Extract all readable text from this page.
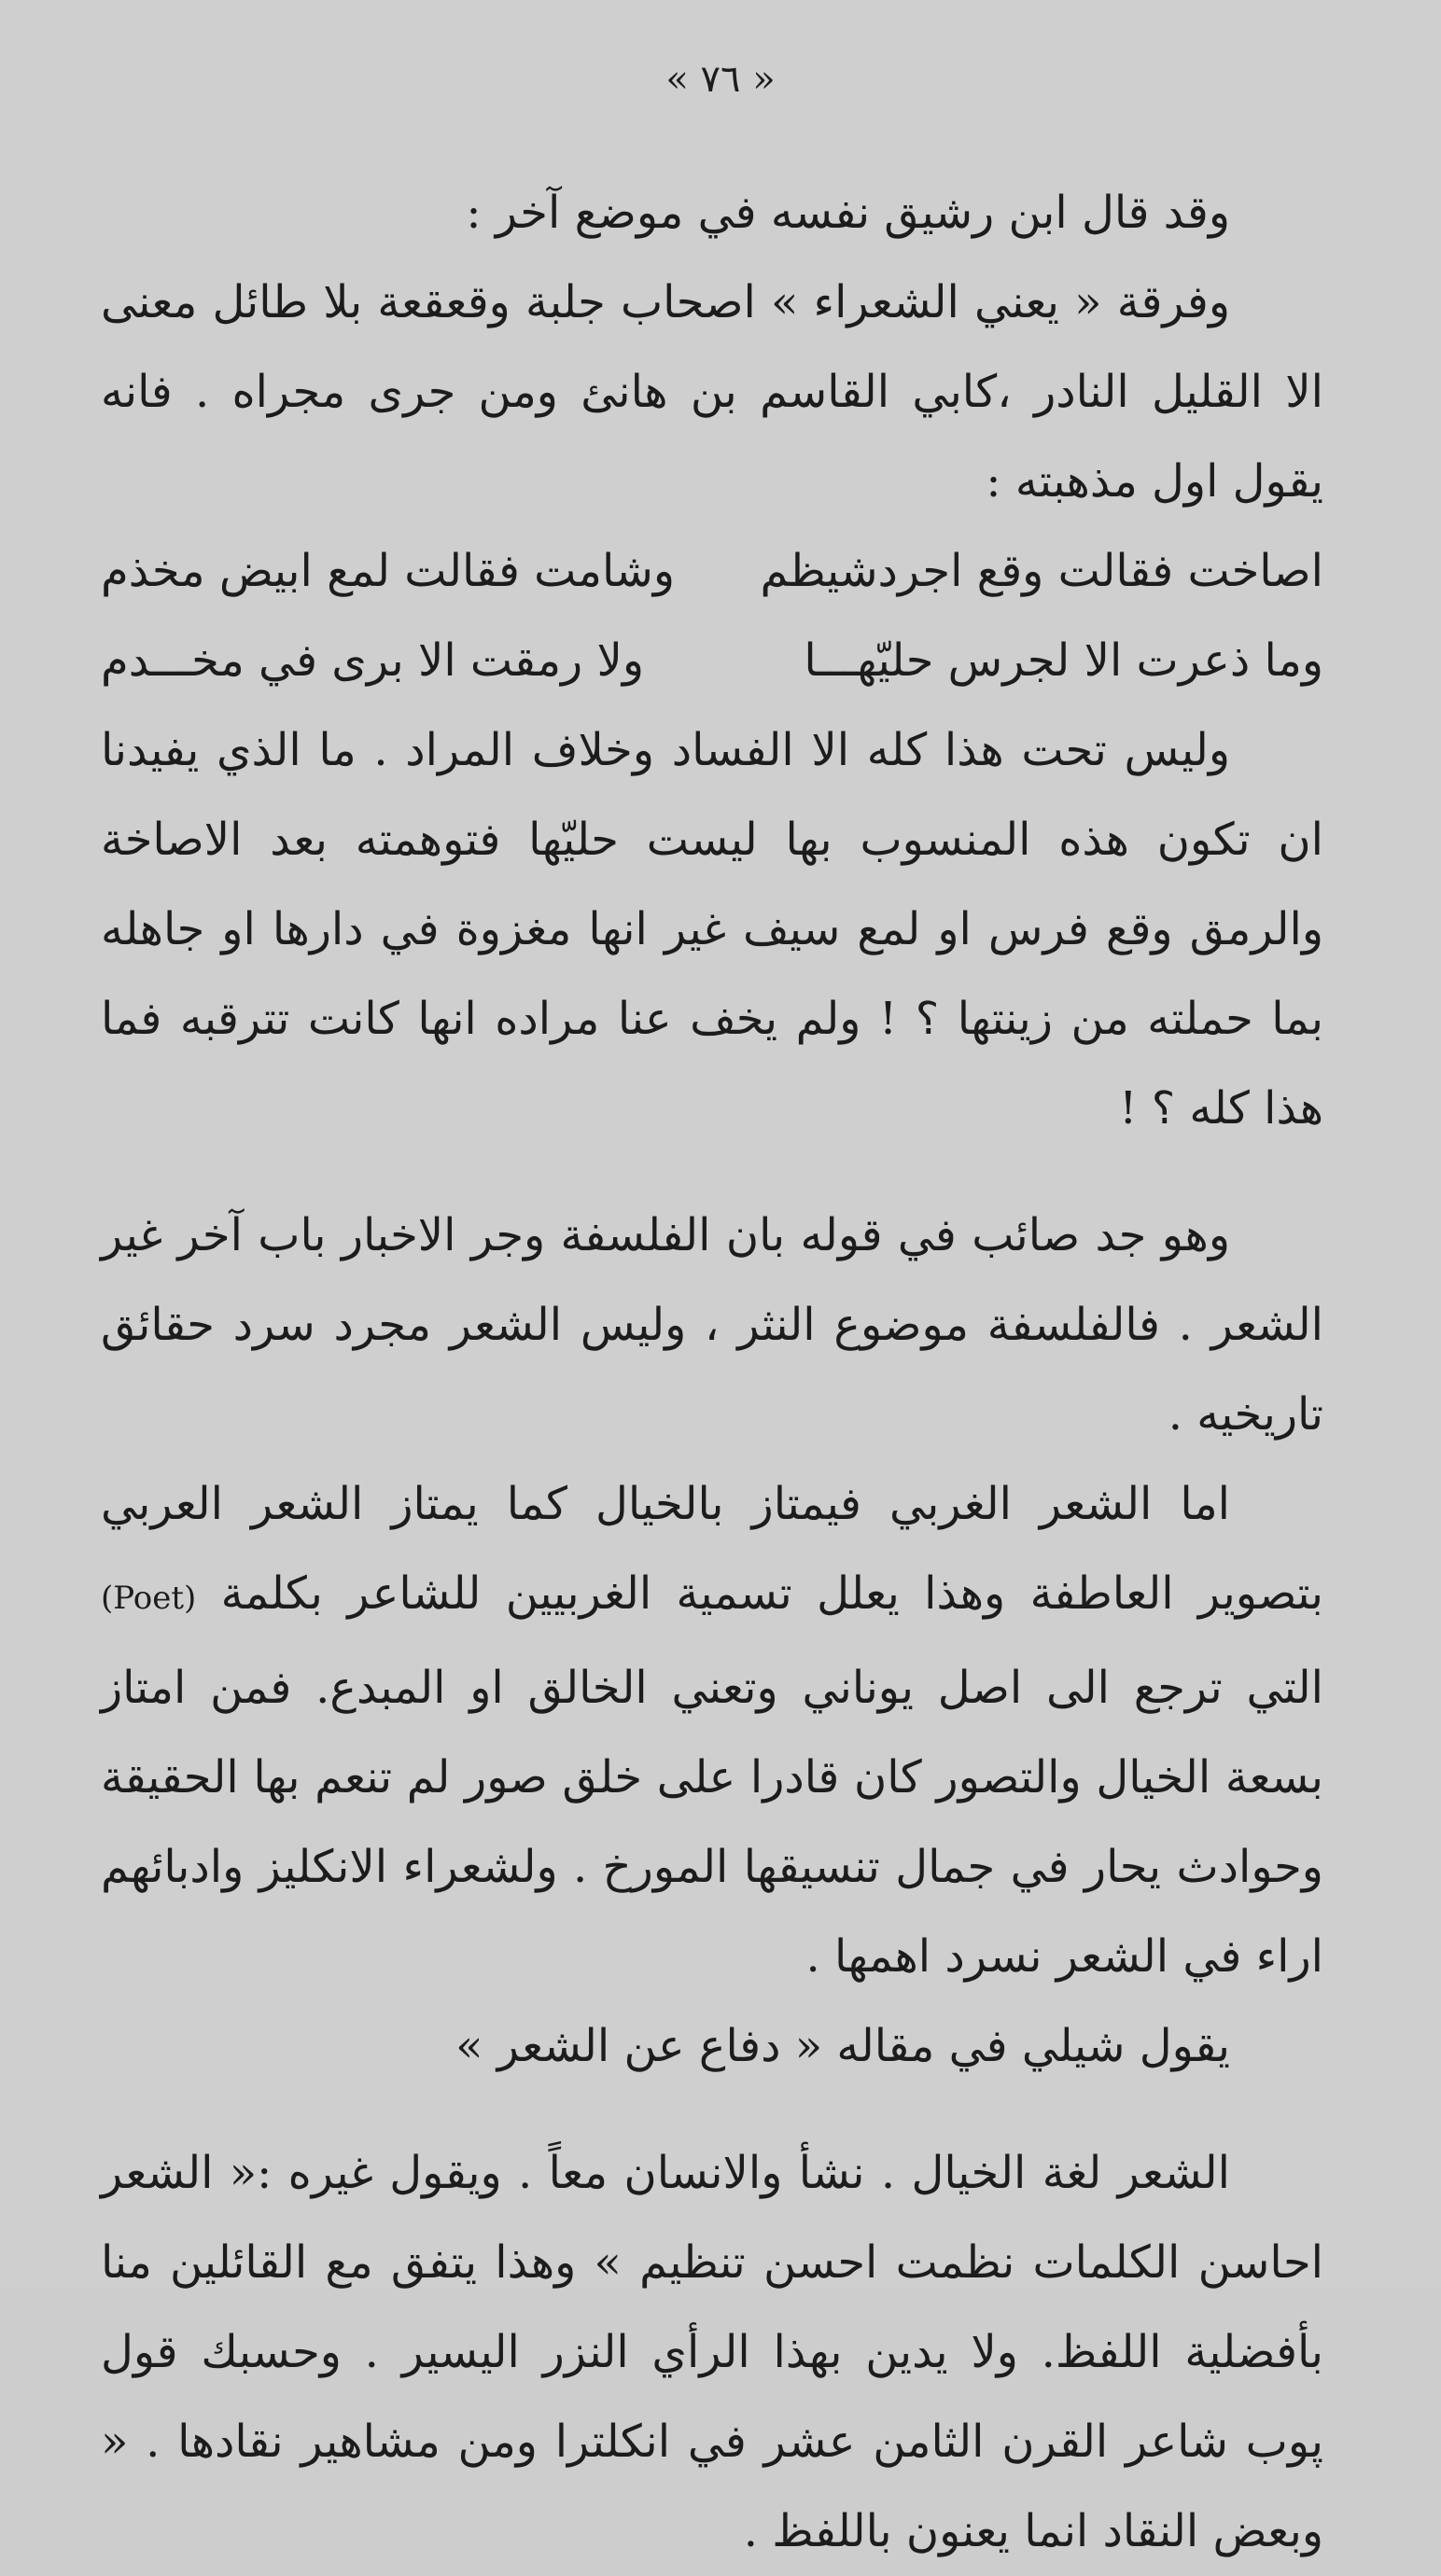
« ٧٦ »

وقد قال ابن رشيق نفسه في موضع آخر :

وفرقة « يعني الشعراء » اصحاب جلبة وقعقعة بلا طائل معنى الا القليل النادر ،كابي القاسم بن هانئ ومن جرى مجراه . فانه يقول اول مذهبته :

اصاخت فقالت وقع اجردشيظم
وشامت فقالت لمع ابيض مخذم
وما ذعرت الا لجرس حليّهـــا
ولا رمقت الا برى في مخـــدم

وليس تحت هذا كله الا الفساد وخلاف المراد . ما الذي يفيدنا ان تكون هذه المنسوب بها ليست حليّها فتوهمته بعد الاصاخة والرمق وقع فرس او لمع سيف غير انها مغزوة في دارها او جاهله بما حملته من زينتها ؟ ! ولم يخف عنا مراده انها كانت تترقبه فما هذا كله ؟ !

وهو جد صائب في قوله بان الفلسفة وجر الاخبار باب آخر غير الشعر . فالفلسفة موضوع النثر ، وليس الشعر مجرد سرد حقائق تاريخيه .

اما الشعر الغربي فيمتاز بالخيال كما يمتاز الشعر العربي بتصوير العاطفة وهذا يعلل تسمية الغربيين للشاعر بكلمة (Poet) التي ترجع الى اصل يوناني وتعني الخالق او المبدع. فمن امتاز بسعة الخيال والتصور كان قادرا على خلق صور لم تنعم بها الحقيقة وحوادث يحار في جمال تنسيقها المورخ . ولشعراء الانكليز وادبائهم اراء في الشعر نسرد اهمها .

يقول شيلي في مقاله « دفاع عن الشعر »

الشعر لغة الخيال . نشأ والانسان معاً . ويقول غيره :« الشعر احاسن الكلمات نظمت احسن تنظيم » وهذا يتفق مع القائلين منا بأفضلية اللفظ. ولا يدين بهذا الرأي النزر اليسير . وحسبك قول پوب شاعر القرن الثامن عشر في انكلترا ومن مشاهير نقادها . « وبعض النقاد انما يعنون باللفظ .
